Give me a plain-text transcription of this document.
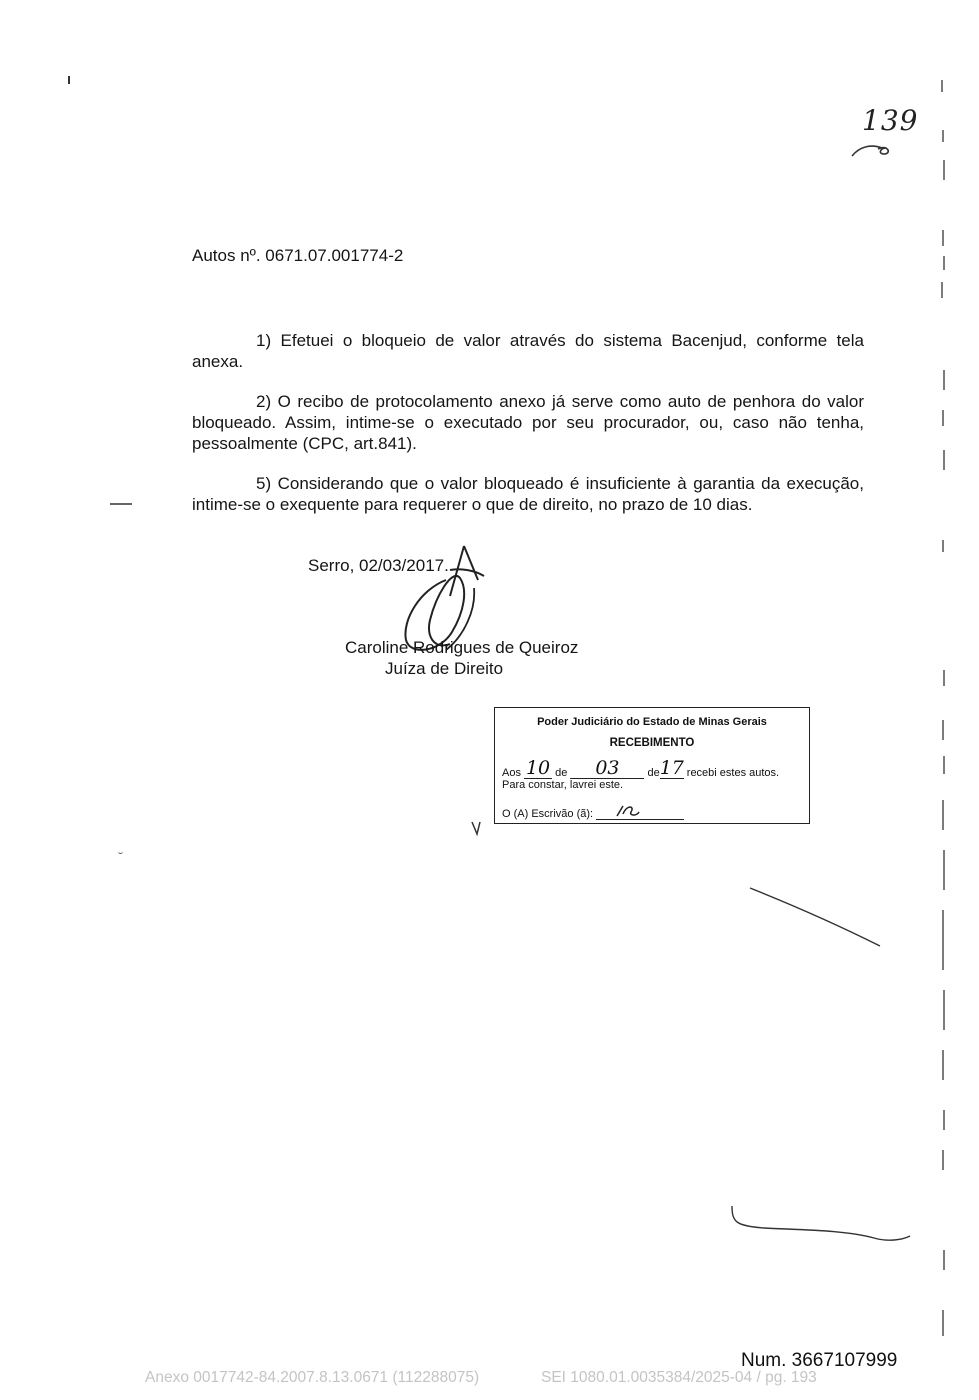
139
Autos nº. 0671.07.001774-2
1) Efetuei o bloqueio de valor através do sistema Bacenjud, conforme tela anexa.
2) O recibo de protocolamento anexo já serve como auto de penhora do valor bloqueado. Assim, intime-se o executado por seu procurador, ou, caso não tenha, pessoalmente (CPC, art.841).
5) Considerando que o valor bloqueado é insuficiente à garantia da execução, intime-se o exequente para requerer o que de direito, no prazo de 10 dias.
Serro, 02/03/2017.
Caroline Rodrigues de Queiroz
Juíza de Direito
Poder Judiciário do Estado de Minas Gerais
RECEBIMENTO
Aos 10 de	03	de 17 recebi estes autos.
Para constar, lavrei este.
O (A) Escrivão (ã):
Num. 3667107999
Anexo 0017742-84.2007.8.13.0671 (112288075)	SEI 1080.01.0035384/2025-04 / pg. 193
